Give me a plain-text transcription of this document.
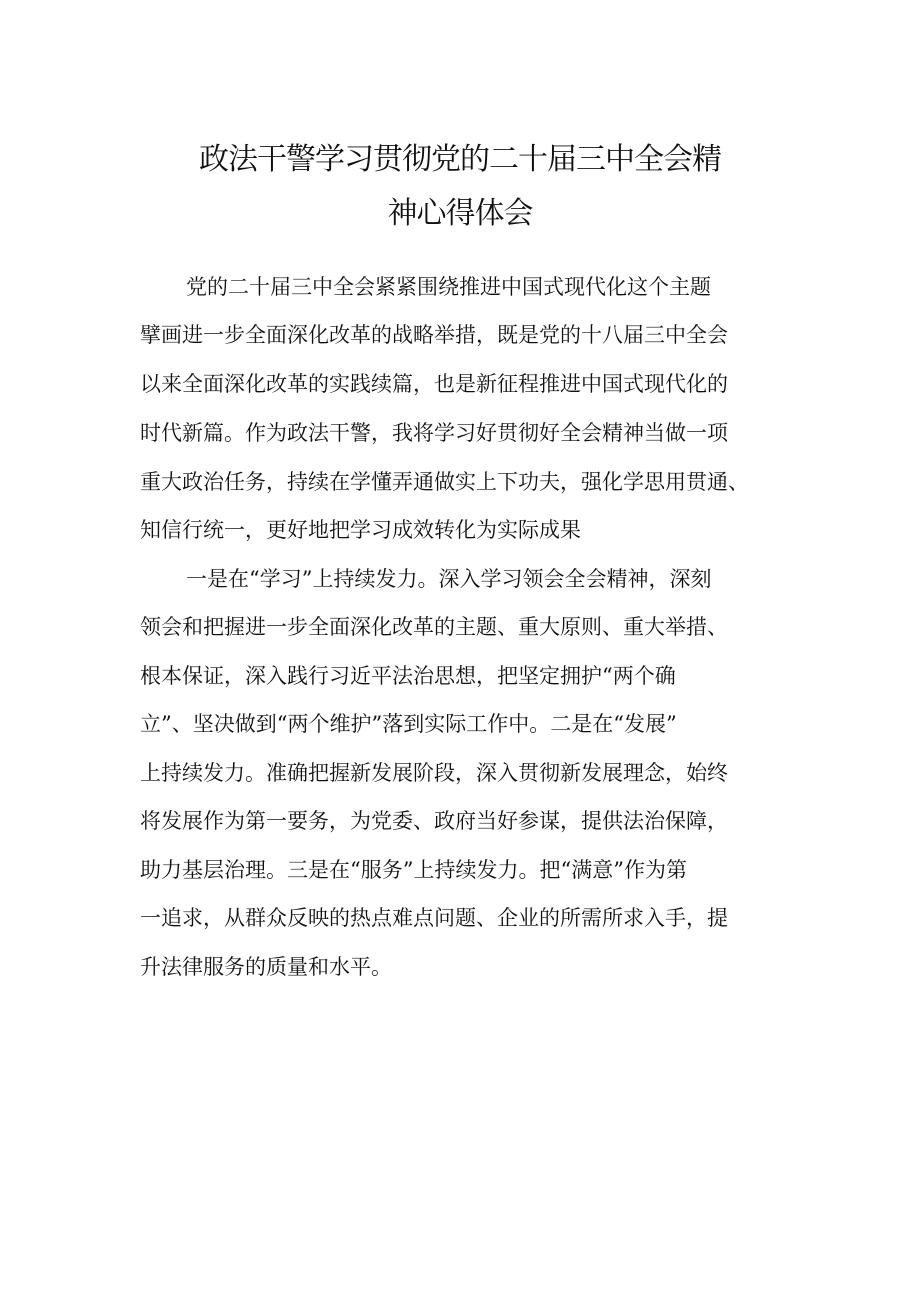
政法干警学习贯彻党的二十届三中全会精
神心得体会
党的二十届三中全会紧紧围绕推进中国式现代化这个主题
擘画进一步全面深化改革的战略举措，既是党的十八届三中全会
以来全面深化改革的实践续篇，也是新征程推进中国式现代化的
时代新篇。作为政法干警，我将学习好贯彻好全会精神当做一项
重大政治任务，持续在学懂弄通做实上下功夫，强化学思用贯通、
知信行统一，更好地把学习成效转化为实际成果
一是在“学习”上持续发力。深入学习领会全会精神，深刻
领会和把握进一步全面深化改革的主题、重大原则、重大举措、
根本保证，深入践行习近平法治思想，把坚定拥护“两个确
立”、坚决做到“两个维护”落到实际工作中。二是在“发展”
上持续发力。准确把握新发展阶段，深入贯彻新发展理念，始终
将发展作为第一要务，为党委、政府当好参谋，提供法治保障，
助力基层治理。三是在“服务”上持续发力。把“满意”作为第
一追求，从群众反映的热点难点问题、企业的所需所求入手，提
升法律服务的质量和水平。
